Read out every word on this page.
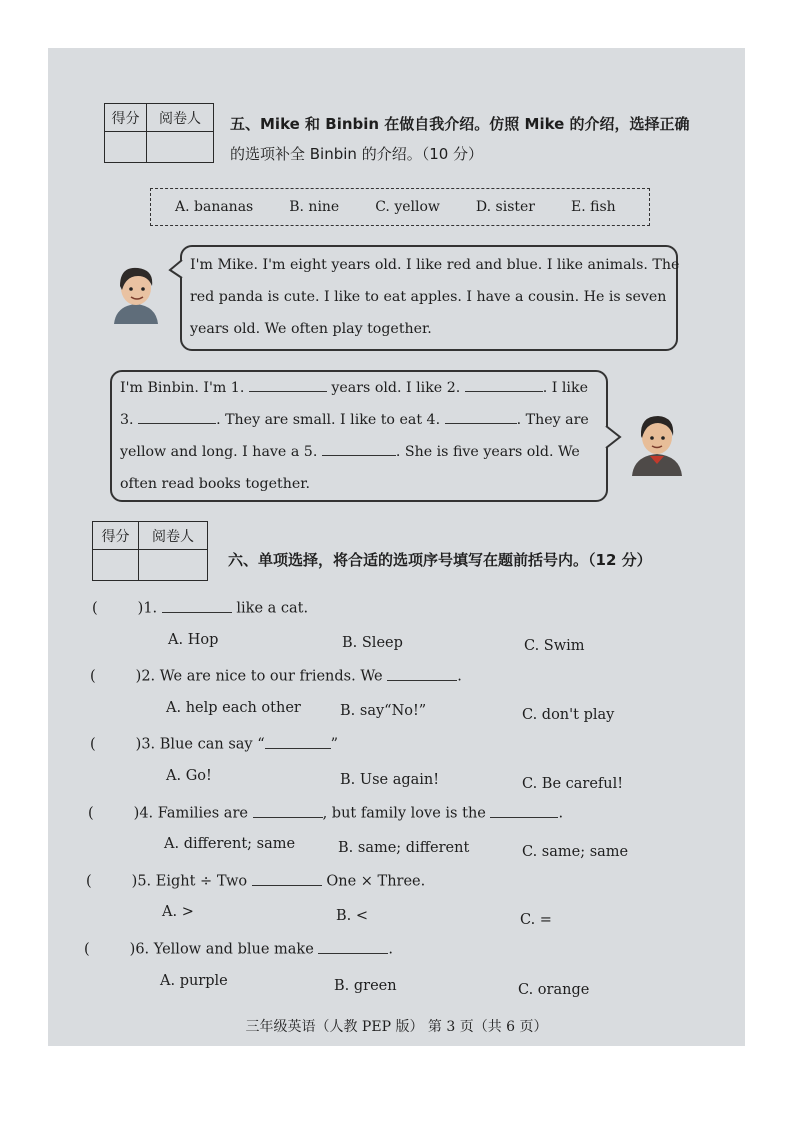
得分	阅卷人	五、Mike 和 Binbin 在做自我介绍。仿照 Mike 的介绍，选择正确
的选项补全 Binbin 的介绍。（10 分）
A. bananas	B. nine	C. yellow	D. sister	E. fish
I'm Mike. I'm eight years old. I like red and blue. I like animals. The
red panda is cute. I like to eat apples. I have a cousin. He is seven
years old. We often play together.
I'm Binbin. I'm 1.	years old. I like 2.	. I like
3.	. They are small. I like to eat 4.	. They are
yellow and long. I have a 5.	. She is five years old. We
often read books together.
得分	阅卷人
六、单项选择，将合适的选项序号填写在题前括号内。（12 分）
(	)1.	like a cat.
A. Hop	B. Sleep	C. Swim
(	)2. We are nice to our friends. We	.
A. help each other	B. say“No!”	C. don't play
(	)3. Blue can say “	”
A. Go!	B. Use again!	C. Be careful!
(	)4. Families are	, but family love is the	.
A. different; same	B. same; different	C. same; same
(	)5. Eight ÷ Two	One × Three.
A. >	B. <	C. =
(	)6. Yellow and blue make	.
A. purple	B. green	C. orange
三年级英语（人教 PEP 版） 第 3 页（共 6 页）
